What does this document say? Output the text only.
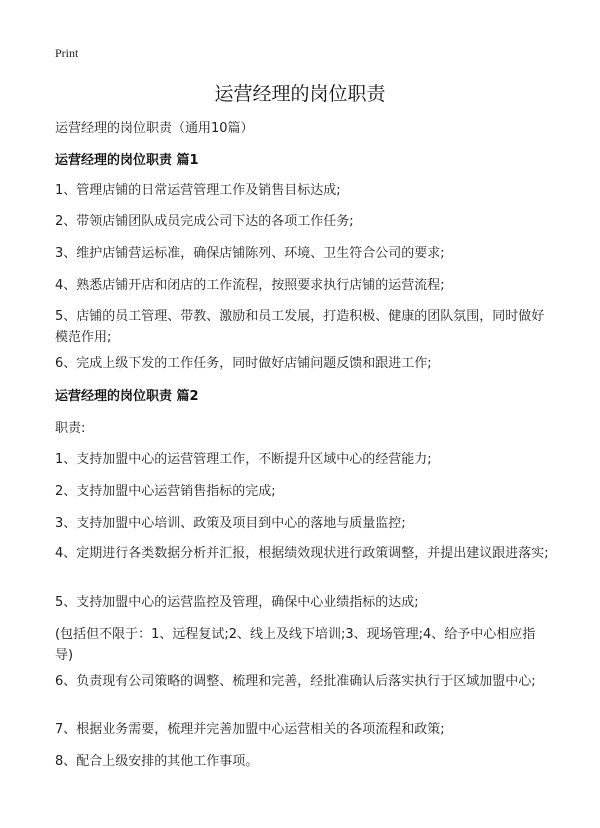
Print
运营经理的岗位职责

运营经理的岗位职责（通用10篇）

运营经理的岗位职责 篇1

1、管理店铺的日常运营管理工作及销售目标达成;

2、带领店铺团队成员完成公司下达的各项工作任务;

3、维护店铺营运标准，确保店铺陈列、环境、卫生符合公司的要求;

4、熟悉店铺开店和闭店的工作流程，按照要求执行店铺的运营流程;

5、店铺的员工管理、带教、激励和员工发展，打造积极、健康的团队氛围，同时做好模范作用;

6、完成上级下发的工作任务，同时做好店铺问题反馈和跟进工作;

运营经理的岗位职责 篇2

职责:

1、支持加盟中心的运营管理工作，不断提升区域中心的经营能力;

2、支持加盟中心运营销售指标的完成;

3、支持加盟中心培训、政策及项目到中心的落地与质量监控;

4、定期进行各类数据分析并汇报，根据绩效现状进行政策调整，并提出建议跟进落实;

5、支持加盟中心的运营监控及管理，确保中心业绩指标的达成;

(包括但不限于：1、远程复试;2、线上及线下培训;3、现场管理;4、给予中心相应指导)

6、负责现有公司策略的调整、梳理和完善，经批准确认后落实执行于区域加盟中心;

7、根据业务需要，梳理并完善加盟中心运营相关的各项流程和政策;

8、配合上级安排的其他工作事项。
